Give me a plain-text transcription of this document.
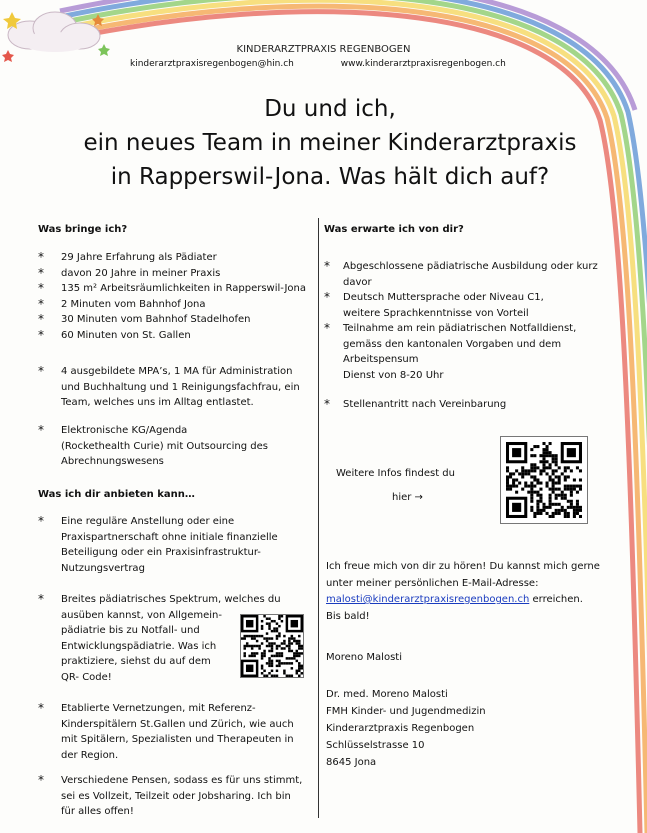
KINDERARZTPRAXIS REGENBOGEN
kinderarztpraxisregenbogen@hin.ch	www.kinderarztpraxisregenbogen.ch
Du und ich,
ein neues Team in meiner Kinderarztpraxis
in Rapperswil-Jona. Was hält dich auf?
Was bringe ich?
* 29 Jahre Erfahrung als Pädiater
* davon 20 Jahre in meiner Praxis
* 135 m² Arbeitsräumlichkeiten in Rapperswil-Jona
* 2 Minuten vom Bahnhof Jona
* 30 Minuten vom Bahnhof Stadelhofen
* 60 Minuten von St. Gallen
* 4 ausgebildete MPA’s, 1 MA für Administration
und Buchhaltung und 1 Reinigungsfachfrau, ein
Team, welches uns im Alltag entlastet.
* Elektronische KG/Agenda
(Rockethealth Curie) mit Outsourcing des
Abrechnungswesens
Was ich dir anbieten kann…
* Eine reguläre Anstellung oder eine
Praxispartnerschaft ohne initiale finanzielle
Beteiligung oder ein Praxisinfrastruktur-
Nutzungsvertrag
* Breites pädiatrisches Spektrum, welches du
ausüben kannst, von Allgemein-
pädiatrie bis zu Notfall- und
Entwicklungspädiatrie. Was ich
praktiziere, siehst du auf dem
QR- Code!
* Etablierte Vernetzungen, mit Referenz-
Kinderspitälern St.Gallen und Zürich, wie auch
mit Spitälern, Spezialisten und Therapeuten in
der Region.
* Verschiedene Pensen, sodass es für uns stimmt,
sei es Vollzeit, Teilzeit oder Jobsharing. Ich bin
für alles offen!
Was erwarte ich von dir?
* Abgeschlossene pädiatrische Ausbildung oder kurz
davor
* Deutsch Muttersprache oder Niveau C1,
weitere Sprachkenntnisse von Vorteil
* Teilnahme am rein pädiatrischen Notfalldienst,
gemäss den kantonalen Vorgaben und dem
Arbeitspensum
Dienst von 8-20 Uhr
* Stellenantritt nach Vereinbarung
Weitere Infos findest du
hier →
Ich freue mich von dir zu hören! Du kannst mich gerne
unter meiner persönlichen E-Mail-Adresse:
malosti@kinderarztpraxisregenbogen.ch erreichen.
Bis bald!
Moreno Malosti
Dr. med. Moreno Malosti
FMH Kinder- und Jugendmedizin
Kinderarztpraxis Regenbogen
Schlüsselstrasse 10
8645 Jona
